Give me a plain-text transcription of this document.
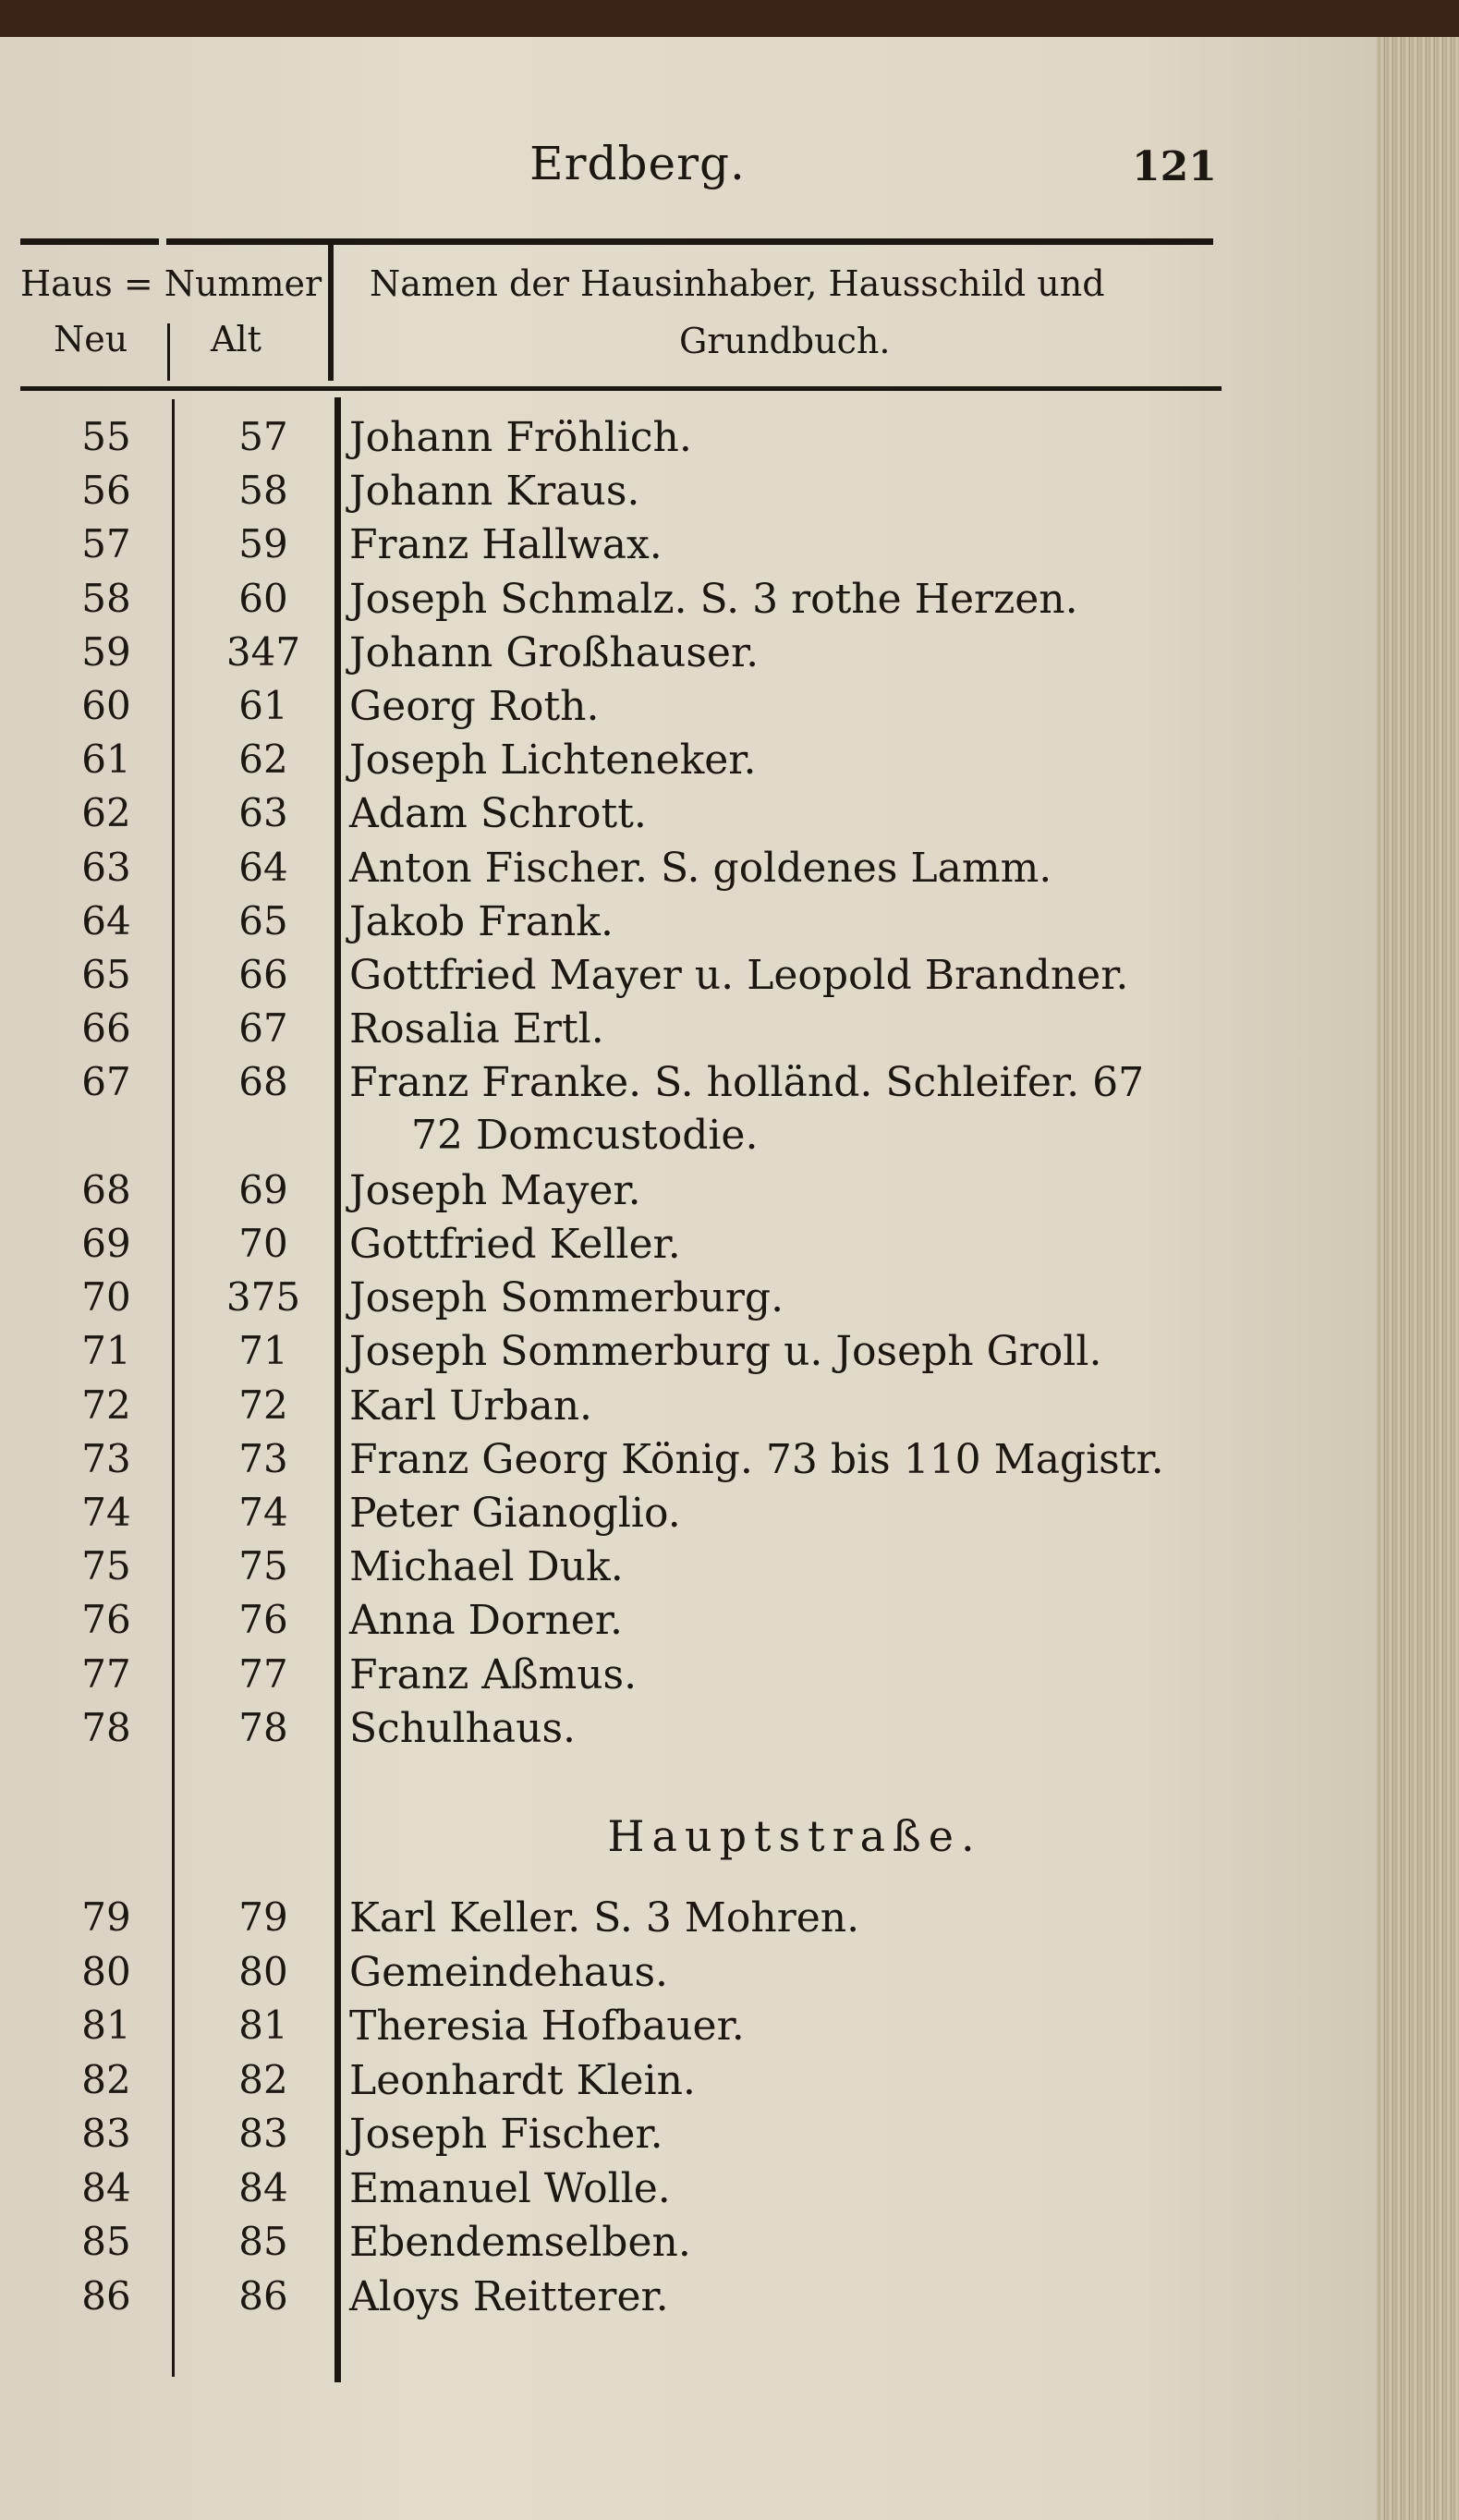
Erdberg.	121
Haus = Nummer
Neu Alt
Namen der Hausinhaber, Hausschild und
Grundbuch.
55	57	Johann Fröhlich.
56	58	Johann Kraus.
57	59	Franz Hallwax.
58	60	Joseph Schmalz. S. 3 rothe Herzen.
59	347	Johann Großhauser.
60	61	Georg Roth.
61	62	Joseph Lichteneker.
62	63	Adam Schrott.
63	64	Anton Fischer. S. goldenes Lamm.
64	65	Jakob Frank.
65	66	Gottfried Mayer u. Leopold Brandner.
66	67	Rosalia Ertl.
67	68	Franz Franke. S. holländ. Schleifer. 67
72 Domcustodie.
68	69	Joseph Mayer.
69	70	Gottfried Keller.
70	375	Joseph Sommerburg.
71	71	Joseph Sommerburg u. Joseph Groll.
72	72	Karl Urban.
73	73	Franz Georg König. 73 bis 110 Magistr.
74	74	Peter Gianoglio.
75	75	Michael Duk.
76	76	Anna Dorner.
77	77	Franz Aßmus.
78	78	Schulhaus.
Hauptstraße.
79	79	Karl Keller. S. 3 Mohren.
80	80	Gemeindehaus.
81	81	Theresia Hofbauer.
82	82	Leonhardt Klein.
83	83	Joseph Fischer.
84	84	Emanuel Wolle.
85	85	Ebendemselben.
86	86	Aloys Reitterer.
